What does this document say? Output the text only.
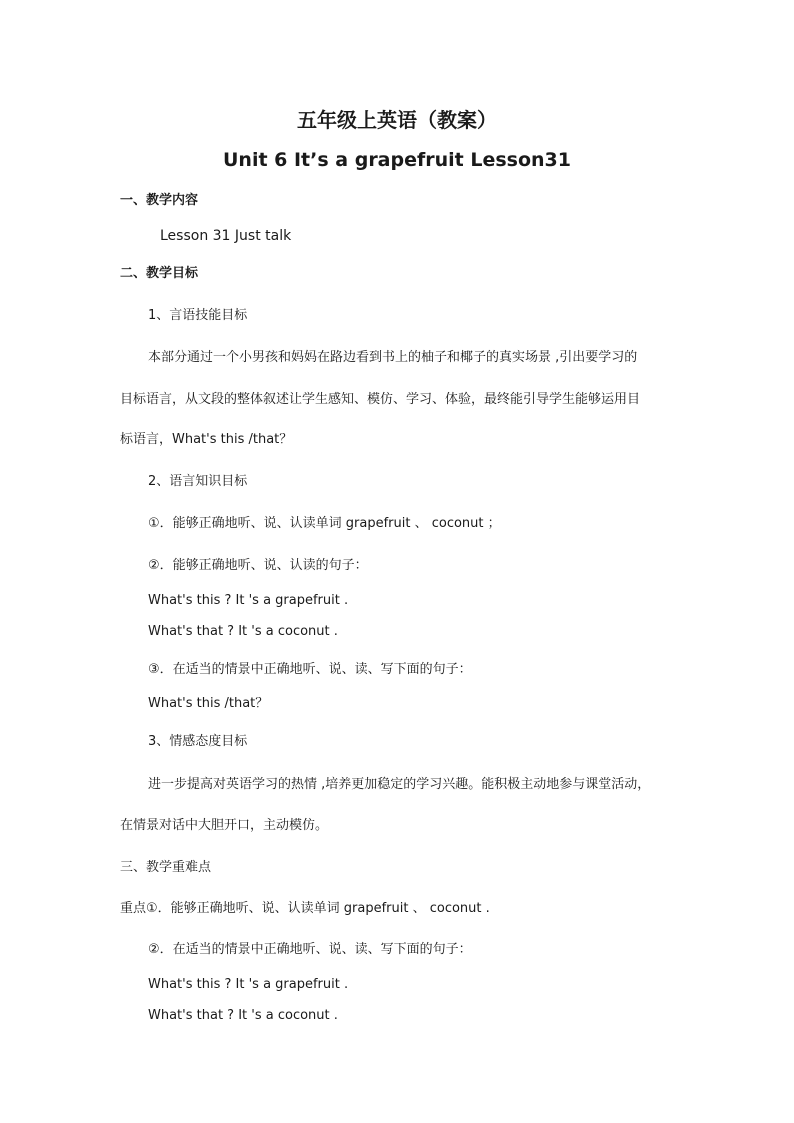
五年级上英语（教案）
Unit 6 It’s a grapefruit Lesson31
一、教学内容
Lesson 31 Just talk
二、教学目标
1、言语技能目标
本部分通过一个小男孩和妈妈在路边看到书上的柚子和椰子的真实场景 ,引出要学习的
目标语言，从文段的整体叙述让学生感知、模仿、学习、体验，最终能引导学生能够运用目
标语言，What's this /that？
2、语言知识目标
①．能够正确地听、说、认读单词 grapefruit 、 coconut ；
②．能够正确地听、说、认读的句子：
What's this ? It 's a grapefruit .
What's that ? It 's a coconut .
③．在适当的情景中正确地听、说、读、写下面的句子：
What's this /that？
3、情感态度目标
进一步提高对英语学习的热情 ,培养更加稳定的学习兴趣。能积极主动地参与课堂活动，
在情景对话中大胆开口，主动模仿。
三、教学重难点
重点①．能够正确地听、说、认读单词 grapefruit 、 coconut .
②．在适当的情景中正确地听、说、读、写下面的句子：
What's this ? It 's a grapefruit .
What's that ? It 's a coconut .
